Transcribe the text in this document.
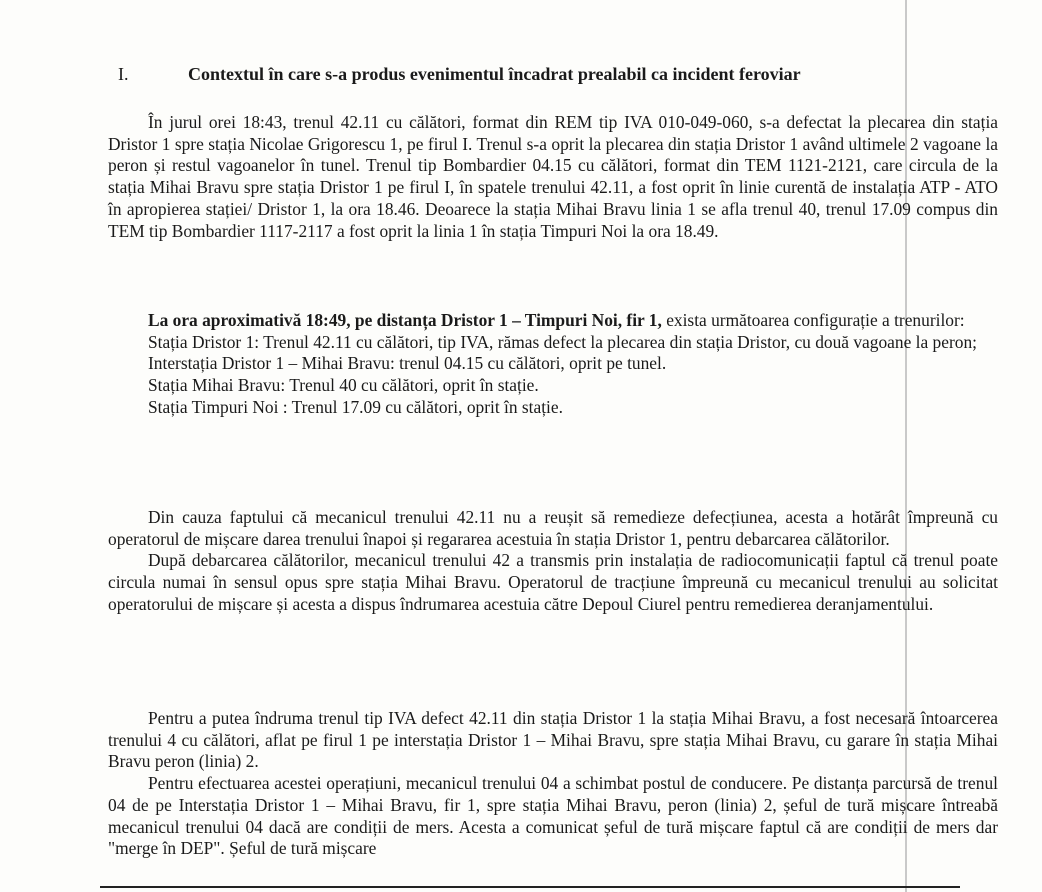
I.	Contextul în care s-a produs evenimentul încadrat prealabil ca incident feroviar

În jurul orei 18:43, trenul 42.11 cu călători, format din REM tip IVA 010-049-060, s-a defectat la plecarea din stația Dristor 1 spre stația Nicolae Grigorescu 1, pe firul I. Trenul s-a oprit la plecarea din stația Dristor 1 având ultimele 2 vagoane la peron și restul vagoanelor în tunel. Trenul tip Bombardier 04.15 cu călători, format din TEM 1121-2121, care circula de la stația Mihai Bravu spre stația Dristor 1 pe firul I, în spatele trenului 42.11, a fost oprit în linie curentă de instalația ATP - ATO în apropierea stației/ Dristor 1, la ora 18.46. Deoarece la stația Mihai Bravu linia 1 se afla trenul 40, trenul 17.09 compus din TEM tip Bombardier 1117-2117 a fost oprit la linia 1 în stația Timpuri Noi la ora 18.49.

La ora aproximativă 18:49, pe distanța Dristor 1 – Timpuri Noi, fir 1, exista următoarea configurație a trenurilor:

Stația Dristor 1: Trenul 42.11 cu călători, tip IVA, rămas defect la plecarea din stația Dristor, cu două vagoane la peron;

Interstația Dristor 1 – Mihai Bravu: trenul 04.15 cu călători, oprit pe tunel.

Stația Mihai Bravu: Trenul 40 cu călători, oprit în stație.

Stația Timpuri Noi : Trenul 17.09 cu călători, oprit în stație.

Din cauza faptului că mecanicul trenului 42.11 nu a reușit să remedieze defecțiunea, acesta a hotărât împreună cu operatorul de mișcare darea trenului înapoi și regararea acestuia în stația Dristor 1, pentru debarcarea călătorilor.

După debarcarea călătorilor, mecanicul trenului 42 a transmis prin instalația de radiocomunicații faptul că trenul poate circula numai în sensul opus spre stația Mihai Bravu. Operatorul de tracțiune împreună cu mecanicul trenului au solicitat operatorului de mișcare și acesta a dispus îndrumarea acestuia către Depoul Ciurel pentru remedierea deranjamentului.

Pentru a putea îndruma trenul tip IVA defect 42.11 din stația Dristor 1 la stația Mihai Bravu, a fost necesară întoarcerea trenului 4 cu călători, aflat pe firul 1 pe interstația Dristor 1 – Mihai Bravu, spre stația Mihai Bravu, cu garare în stația Mihai Bravu peron (linia) 2.

Pentru efectuarea acestei operațiuni, mecanicul trenului 04 a schimbat postul de conducere. Pe distanța parcursă de trenul 04 de pe Interstația Dristor 1 – Mihai Bravu, fir 1, spre stația Mihai Bravu, peron (linia) 2, șeful de tură mișcare întreabă mecanicul trenului 04 dacă are condiții de mers. Acesta a comunicat șeful de tură mișcare faptul că are condiții de mers dar "merge în DEP". Șeful de tură mișcare
